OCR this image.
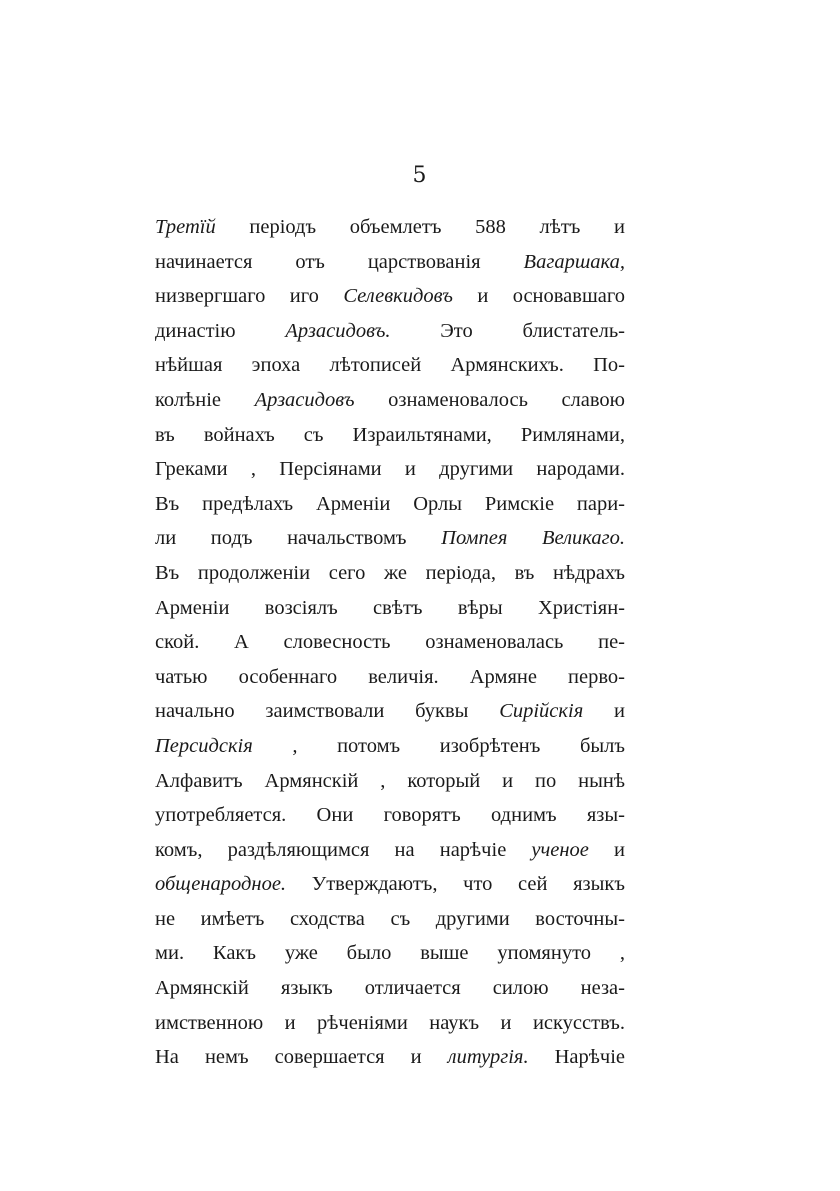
5
Третїй періодъ объемлетъ 588 лѣтъ и
начинается отъ царствованія Вагаршака,
низвергшаго иго Селевкидовъ и основавшаго
династію Арзасидовъ. Это блистатель-
нѣйшая эпоха лѣтописей Армянскихъ. По-
колѣніе Арзасидовъ ознаменовалось славою
въ войнахъ съ Израильтянами, Римлянами,
Греками , Персіянами и другими народами.
Въ предѣлахъ Арменіи Орлы Римскіе пари-
ли подъ начальствомъ Помпея Великаго.
Въ продолженіи сего же періода, въ нѣдрахъ
Арменіи возсіялъ свѣтъ вѣры Христіян-
ской. А словесность ознаменовалась пе-
чатью особеннаго величія. Армяне перво-
начально заимствовали буквы Сирійскія и
Персидскія , потомъ изобрѣтенъ былъ
Алфавитъ Армянскій , который и по нынѣ
употребляется. Они говорятъ однимъ язы-
комъ, раздѣляющимся на нарѣчіе ученое и
общенародное. Утверждаютъ, что сей языкъ
не имѣетъ сходства съ другими восточны-
ми. Какъ уже было выше упомянуто ,
Армянскій языкъ отличается силою неза-
имственною и рѣченіями наукъ и искусствъ.
На немъ совершается и литургія. Нарѣчіе
